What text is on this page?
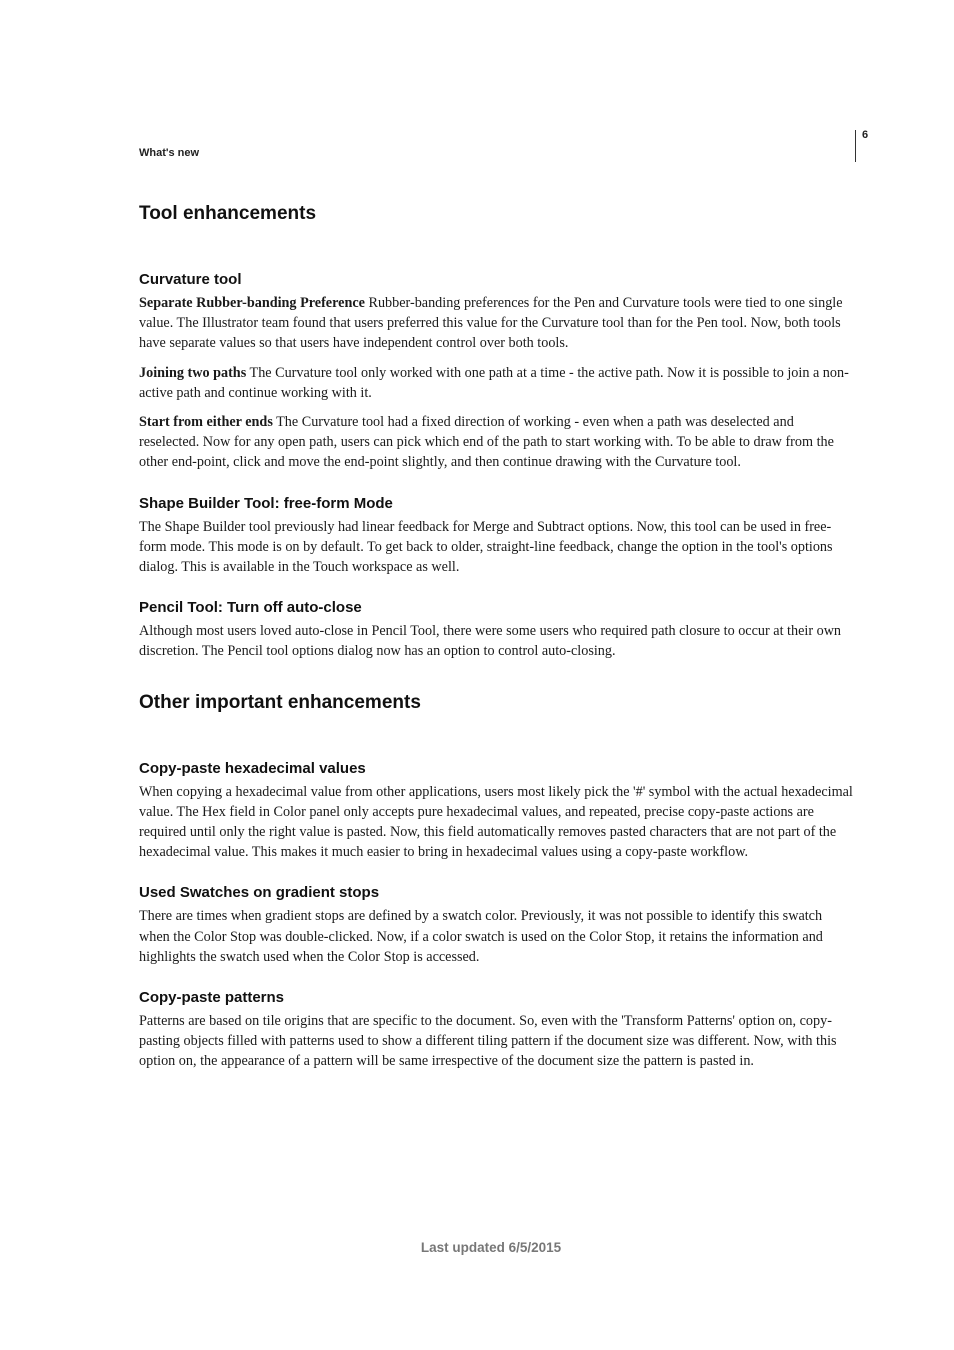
What's new
6
Tool enhancements
Curvature tool

Separate Rubber-banding Preference Rubber-banding preferences for the Pen and Curvature tools were tied to one single value. The Illustrator team found that users preferred this value for the Curvature tool than for the Pen tool. Now, both tools have separate values so that users have independent control over both tools.

Joining two paths The Curvature tool only worked with one path at a time - the active path. Now it is possible to join a non-active path and continue working with it.

Start from either ends The Curvature tool had a fixed direction of working - even when a path was deselected and reselected. Now for any open path, users can pick which end of the path to start working with. To be able to draw from the other end-point, click and move the end-point slightly, and then continue drawing with the Curvature tool.

Shape Builder Tool: free-form Mode

The Shape Builder tool previously had linear feedback for Merge and Subtract options. Now, this tool can be used in free-form mode. This mode is on by default. To get back to older, straight-line feedback, change the option in the tool's options dialog. This is available in the Touch workspace as well.

Pencil Tool: Turn off auto-close

Although most users loved auto-close in Pencil Tool, there were some users who required path closure to occur at their own discretion. The Pencil tool options dialog now has an option to control auto-closing.

Other important enhancements
Copy-paste hexadecimal values

When copying a hexadecimal value from other applications, users most likely pick the '#' symbol with the actual hexadecimal value. The Hex field in Color panel only accepts pure hexadecimal values, and repeated, precise copy-paste actions are required until only the right value is pasted. Now, this field automatically removes pasted characters that are not part of the hexadecimal value. This makes it much easier to bring in hexadecimal values using a copy-paste workflow.

Used Swatches on gradient stops

There are times when gradient stops are defined by a swatch color. Previously, it was not possible to identify this swatch when the Color Stop was double-clicked. Now, if a color swatch is used on the Color Stop, it retains the information and highlights the swatch used when the Color Stop is accessed.

Copy-paste patterns

Patterns are based on tile origins that are specific to the document. So, even with the 'Transform Patterns' option on, copy-pasting objects filled with patterns used to show a different tiling pattern if the document size was different. Now, with this option on, the appearance of a pattern will be same irrespective of the document size the pattern is pasted in.

Last updated 6/5/2015
